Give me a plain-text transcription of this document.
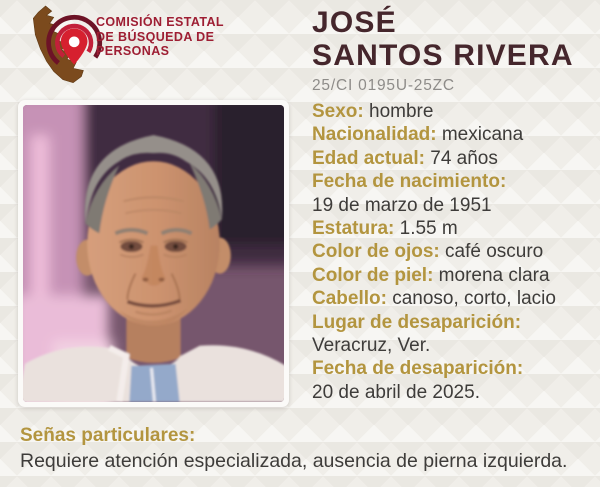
COMISIÓN ESTATAL
DE BÚSQUEDA DE
PERSONAS
JOSÉ
SANTOS RIVERA
25/CI 0195U-25ZC
Sexo: hombre
Nacionalidad: mexicana
Edad actual: 74 años
Fecha de nacimiento:
19 de marzo de 1951
Estatura: 1.55 m
Color de ojos: café oscuro
Color de piel: morena clara
Cabello: canoso, corto, lacio
Lugar de desaparición:
Veracruz, Ver.
Fecha de desaparición:
20 de abril de 2025.
Señas particulares:
Requiere atención especializada, ausencia de pierna izquierda.
